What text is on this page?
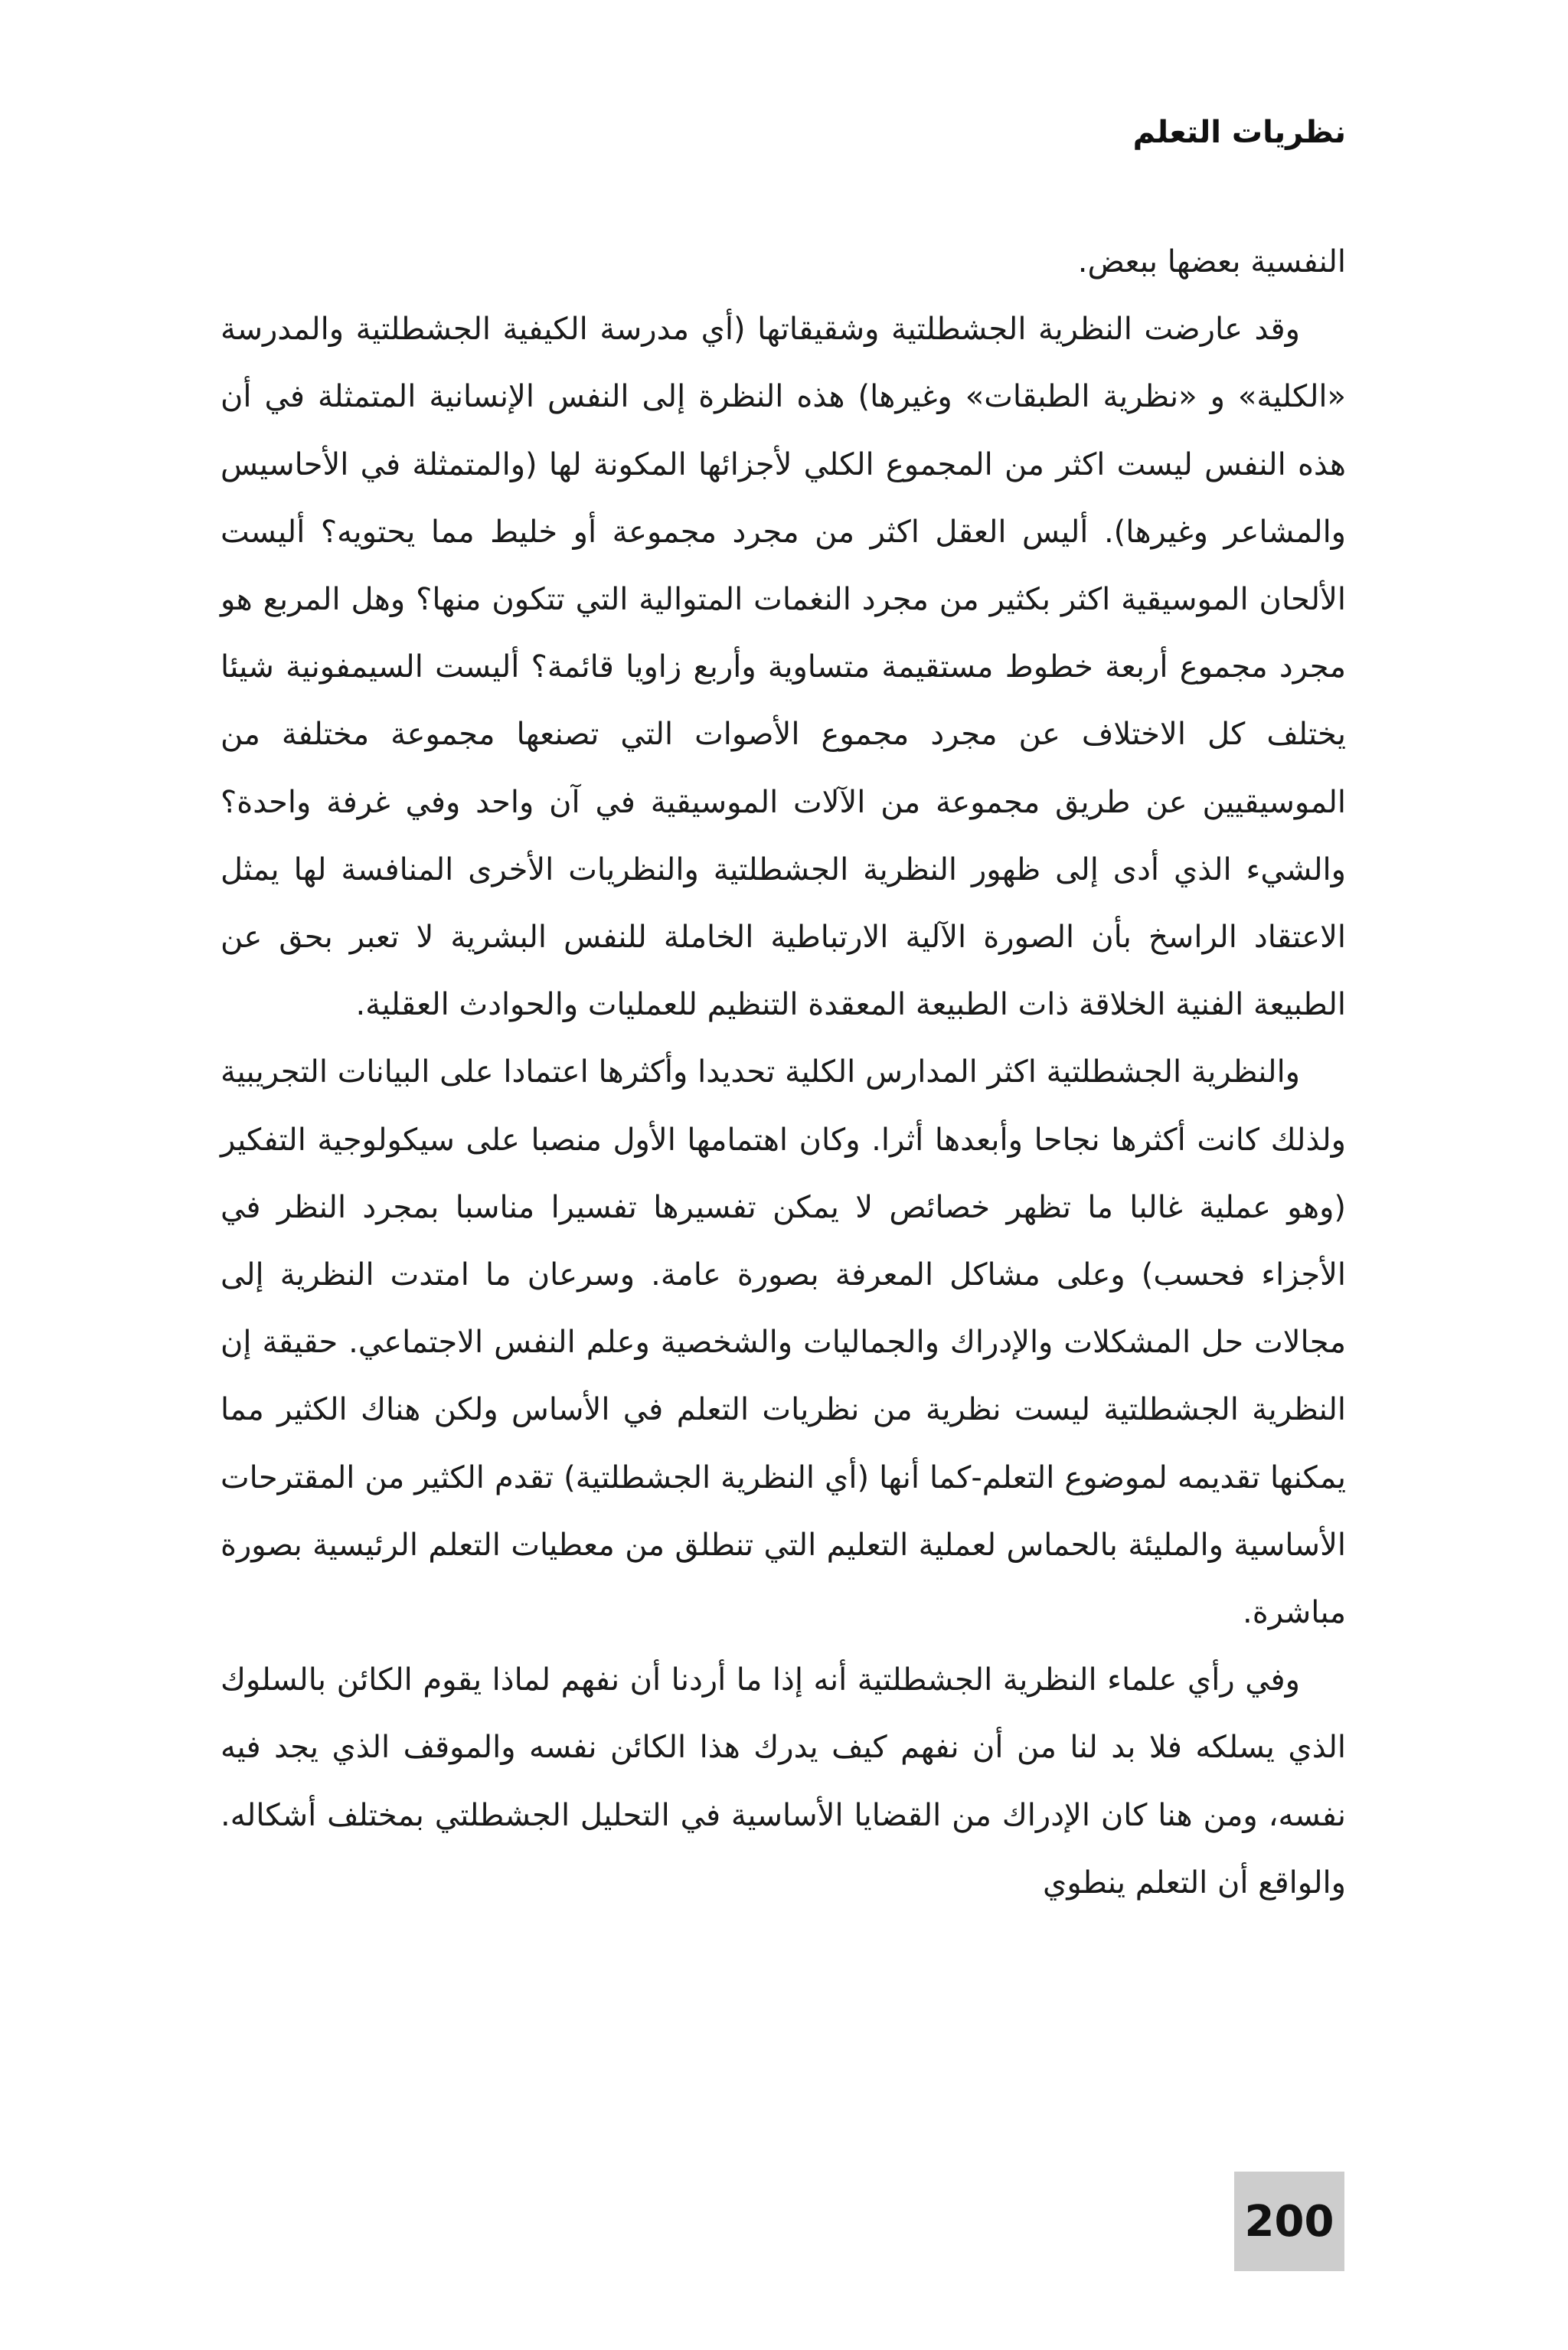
نظريات التعلم

النفسية بعضها ببعض.

وقد عارضت النظرية الجشطلتية وشقيقاتها (أي مدرسة الكيفية الجشطلتية والمدرسة «الكلية» و «نظرية الطبقات» وغيرها) هذه النظرة إلى النفس الإنسانية المتمثلة في أن هذه النفس ليست اكثر من المجموع الكلي لأجزائها المكونة لها (والمتمثلة في الأحاسيس والمشاعر وغيرها). أليس العقل اكثر من مجرد مجموعة أو خليط مما يحتويه؟ أليست الألحان الموسيقية اكثر بكثير من مجرد النغمات المتوالية التي تتكون منها؟ وهل المربع هو مجرد مجموع أربعة خطوط مستقيمة متساوية وأربع زاويا قائمة؟ أليست السيمفونية شيئا يختلف كل الاختلاف عن مجرد مجموع الأصوات التي تصنعها مجموعة مختلفة من الموسيقيين عن طريق مجموعة من الآلات الموسيقية في آن واحد وفي غرفة واحدة؟ والشيء الذي أدى إلى ظهور النظرية الجشطلتية والنظريات الأخرى المنافسة لها يمثل الاعتقاد الراسخ بأن الصورة الآلية الارتباطية الخاملة للنفس البشرية لا تعبر بحق عن الطبيعة الفنية الخلاقة ذات الطبيعة المعقدة التنظيم للعمليات والحوادث العقلية.

والنظرية الجشطلتية اكثر المدارس الكلية تحديدا وأكثرها اعتمادا على البيانات التجريبية ولذلك كانت أكثرها نجاحا وأبعدها أثرا. وكان اهتمامها الأول منصبا على سيكولوجية التفكير (وهو عملية غالبا ما تظهر خصائص لا يمكن تفسيرها تفسيرا مناسبا بمجرد النظر في الأجزاء فحسب) وعلى مشاكل المعرفة بصورة عامة. وسرعان ما امتدت النظرية إلى مجالات حل المشكلات والإدراك والجماليات والشخصية وعلم النفس الاجتماعي. حقيقة إن النظرية الجشطلتية ليست نظرية من نظريات التعلم في الأساس ولكن هناك الكثير مما يمكنها تقديمه لموضوع التعلم-كما أنها (أي النظرية الجشطلتية) تقدم الكثير من المقترحات الأساسية والمليئة بالحماس لعملية التعليم التي تنطلق من معطيات التعلم الرئيسية بصورة مباشرة.

وفي رأي علماء النظرية الجشطلتية أنه إذا ما أردنا أن نفهم لماذا يقوم الكائن بالسلوك الذي يسلكه فلا بد لنا من أن نفهم كيف يدرك هذا الكائن نفسه والموقف الذي يجد فيه نفسه، ومن هنا كان الإدراك من القضايا الأساسية في التحليل الجشطلتي بمختلف أشكاله. والواقع أن التعلم ينطوي

200
